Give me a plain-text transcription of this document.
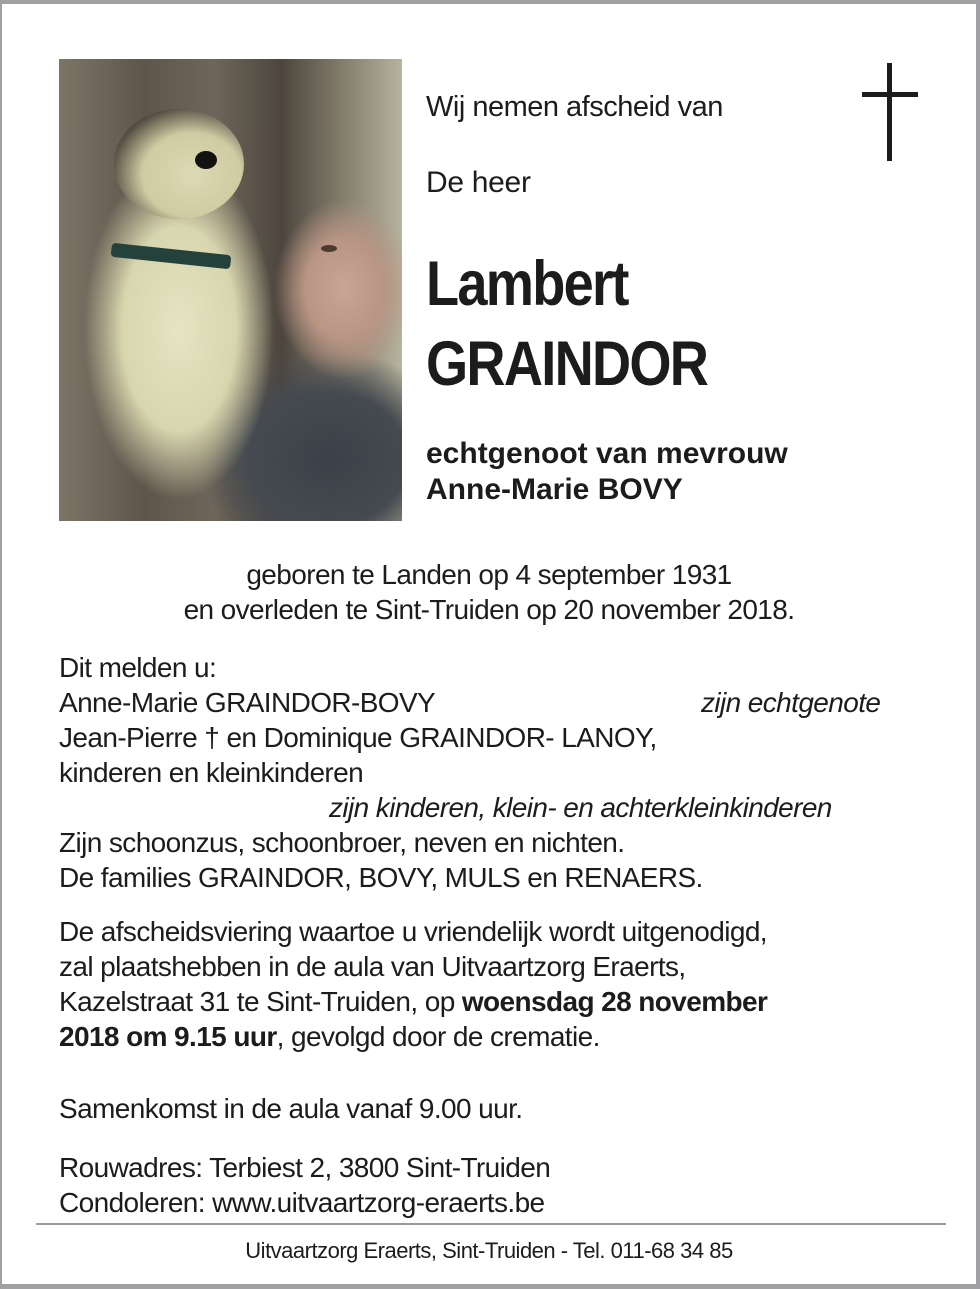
Wij nemen afscheid van
De heer
Lambert
GRAINDOR
echtgenoot van mevrouw
Anne-Marie BOVY
geboren te Landen op 4 september 1931
en overleden te Sint-Truiden op 20 november 2018.
Dit melden u:
Anne-Marie GRAINDOR-BOVY	zijn echtgenote
Jean-Pierre † en Dominique GRAINDOR- LANOY,
kinderen en kleinkinderen
zijn kinderen, klein- en achterkleinkinderen
Zijn schoonzus, schoonbroer, neven en nichten.
De families GRAINDOR, BOVY, MULS en RENAERS.
De afscheidsviering waartoe u vriendelijk wordt uitgenodigd,
zal plaatshebben in de aula van Uitvaartzorg Eraerts,
Kazelstraat 31 te Sint-Truiden, op woensdag 28 november
2018 om 9.15 uur, gevolgd door de crematie.
Samenkomst in de aula vanaf 9.00 uur.
Rouwadres: Terbiest 2, 3800 Sint-Truiden
Condoleren: www.uitvaartzorg-eraerts.be
Uitvaartzorg Eraerts, Sint-Truiden - Tel. 011-68 34 85
